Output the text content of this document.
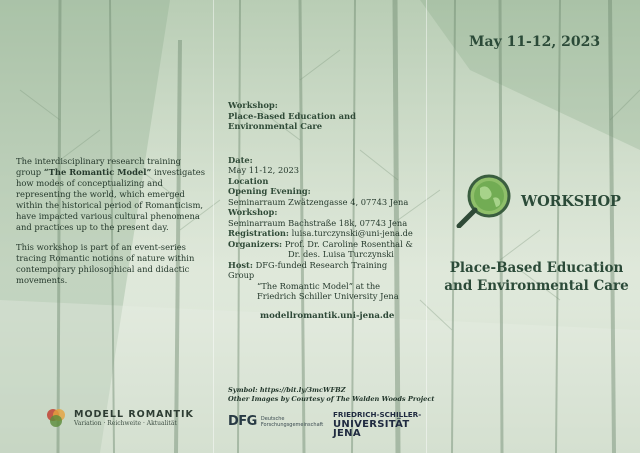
The interdisciplinary research training group “The Romantic Model” investigates how modes of conceptualizing and representing the world, which emerged within the historical period of Romanticism, have impacted various cultural phenomena and practices up to the present day.

This workshop is part of an event-series tracing Romantic notions of nature within contemporary philosophical and didactic movements.

MODELL ROMANTIK
Variation · Reichweite · Aktualität
Workshop:
Place-Based Education and
Environmental Care
Date:
May 11-12, 2023
Location
Opening Evening:
Seminarraum Zwätzengasse 4, 07743 Jena
Workshop:
Seminarraum Bachstraße 18k, 07743 Jena
Registration: luisa.turczynski@uni-jena.de
Organizers: Prof. Dr. Caroline Rosenthal &
Dr. des. Luisa Turczynski
Host: DFG-funded Research Training Group
“The Romantic Model” at the
Friedrich Schiller University Jena
modellromantik.uni-jena.de
Symbol: https://bit.ly/3mcWFBZ
Other Images by Courtesy of The Walden Woods Project
DFG Deutsche
Forschungsgemeinschaft
FRIEDRICH-SCHILLER-
UNIVERSITÄT
JENA
May 11-12, 2023
WORKSHOP
Place-Based Education
and Environmental Care
